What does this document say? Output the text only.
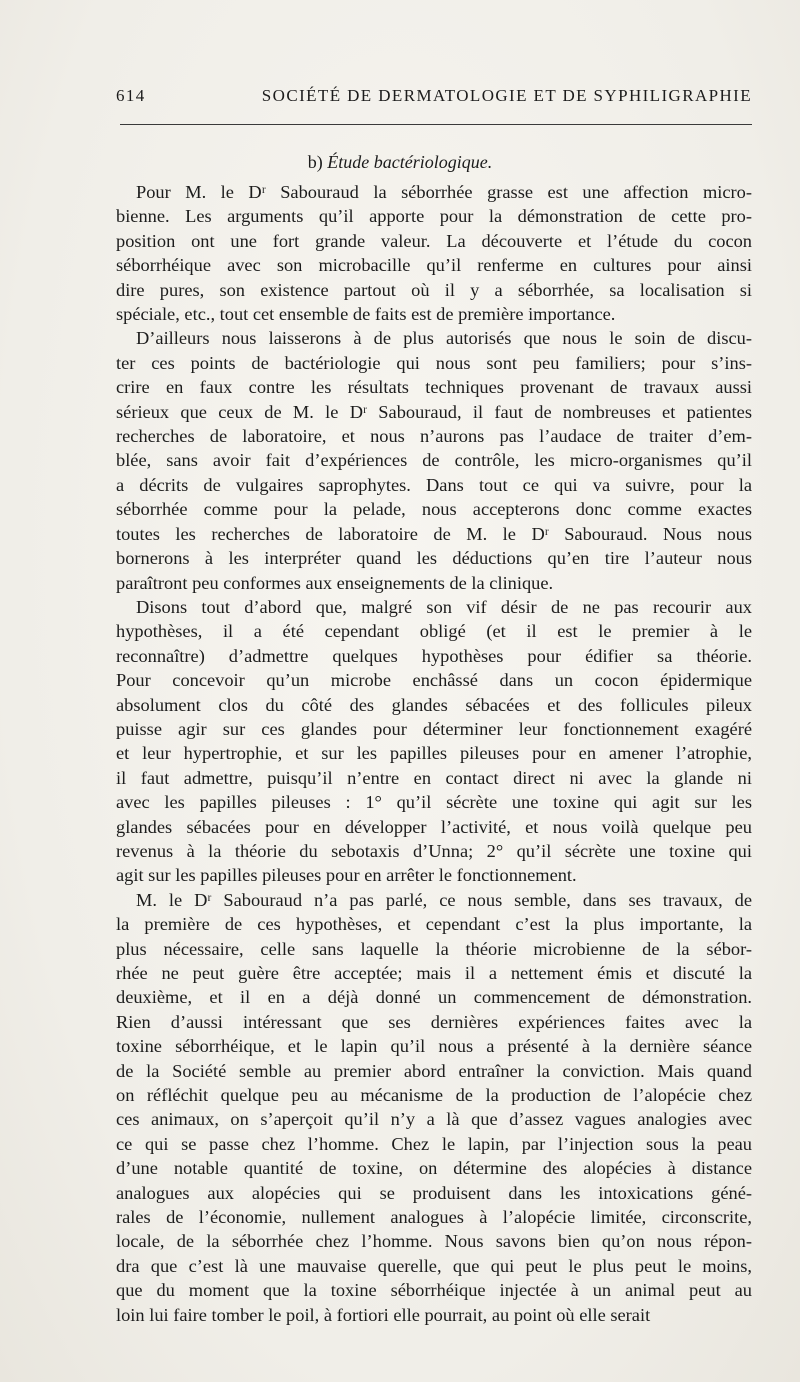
614	SOCIÉTÉ DE DERMATOLOGIE ET DE SYPHILIGRAPHIE
b) Étude bactériologique.
Pour M. le Dʳ Sabouraud la séborrhée grasse est une affection micro-
bienne. Les arguments qu’il apporte pour la démonstration de cette pro-
position ont une fort grande valeur. La découverte et l’étude du cocon
séborrhéique avec son microbacille qu’il renferme en cultures pour ainsi
dire pures, son existence partout où il y a séborrhée, sa localisation si
spéciale, etc., tout cet ensemble de faits est de première importance.
D’ailleurs nous laisserons à de plus autorisés que nous le soin de discu-
ter ces points de bactériologie qui nous sont peu familiers; pour s’ins-
crire en faux contre les résultats techniques provenant de travaux aussi
sérieux que ceux de M. le Dʳ Sabouraud, il faut de nombreuses et patientes
recherches de laboratoire, et nous n’aurons pas l’audace de traiter d’em-
blée, sans avoir fait d’expériences de contrôle, les micro-organismes qu’il
a décrits de vulgaires saprophytes. Dans tout ce qui va suivre, pour la
séborrhée comme pour la pelade, nous accepterons donc comme exactes
toutes les recherches de laboratoire de M. le Dʳ Sabouraud. Nous nous
bornerons à les interpréter quand les déductions qu’en tire l’auteur nous
paraîtront peu conformes aux enseignements de la clinique.
Disons tout d’abord que, malgré son vif désir de ne pas recourir aux
hypothèses, il a été cependant obligé (et il est le premier à le
reconnaître) d’admettre quelques hypothèses pour édifier sa théorie.
Pour concevoir qu’un microbe enchâssé dans un cocon épidermique
absolument clos du côté des glandes sébacées et des follicules pileux
puisse agir sur ces glandes pour déterminer leur fonctionnement exagéré
et leur hypertrophie, et sur les papilles pileuses pour en amener l’atrophie,
il faut admettre, puisqu’il n’entre en contact direct ni avec la glande ni
avec les papilles pileuses : 1° qu’il sécrète une toxine qui agit sur les
glandes sébacées pour en développer l’activité, et nous voilà quelque peu
revenus à la théorie du sebotaxis d’Unna; 2° qu’il sécrète une toxine qui
agit sur les papilles pileuses pour en arrêter le fonctionnement.
M. le Dʳ Sabouraud n’a pas parlé, ce nous semble, dans ses travaux, de
la première de ces hypothèses, et cependant c’est la plus importante, la
plus nécessaire, celle sans laquelle la théorie microbienne de la sébor-
rhée ne peut guère être acceptée; mais il a nettement émis et discuté la
deuxième, et il en a déjà donné un commencement de démonstration.
Rien d’aussi intéressant que ses dernières expériences faites avec la
toxine séborrhéique, et le lapin qu’il nous a présenté à la dernière séance
de la Société semble au premier abord entraîner la conviction. Mais quand
on réfléchit quelque peu au mécanisme de la production de l’alopécie chez
ces animaux, on s’aperçoit qu’il n’y a là que d’assez vagues analogies avec
ce qui se passe chez l’homme. Chez le lapin, par l’injection sous la peau
d’une notable quantité de toxine, on détermine des alopécies à distance
analogues aux alopécies qui se produisent dans les intoxications géné-
rales de l’économie, nullement analogues à l’alopécie limitée, circonscrite,
locale, de la séborrhée chez l’homme. Nous savons bien qu’on nous répon-
dra que c’est là une mauvaise querelle, que qui peut le plus peut le moins,
que du moment que la toxine séborrhéique injectée à un animal peut au
loin lui faire tomber le poil, à fortiori elle pourrait, au point où elle serait
